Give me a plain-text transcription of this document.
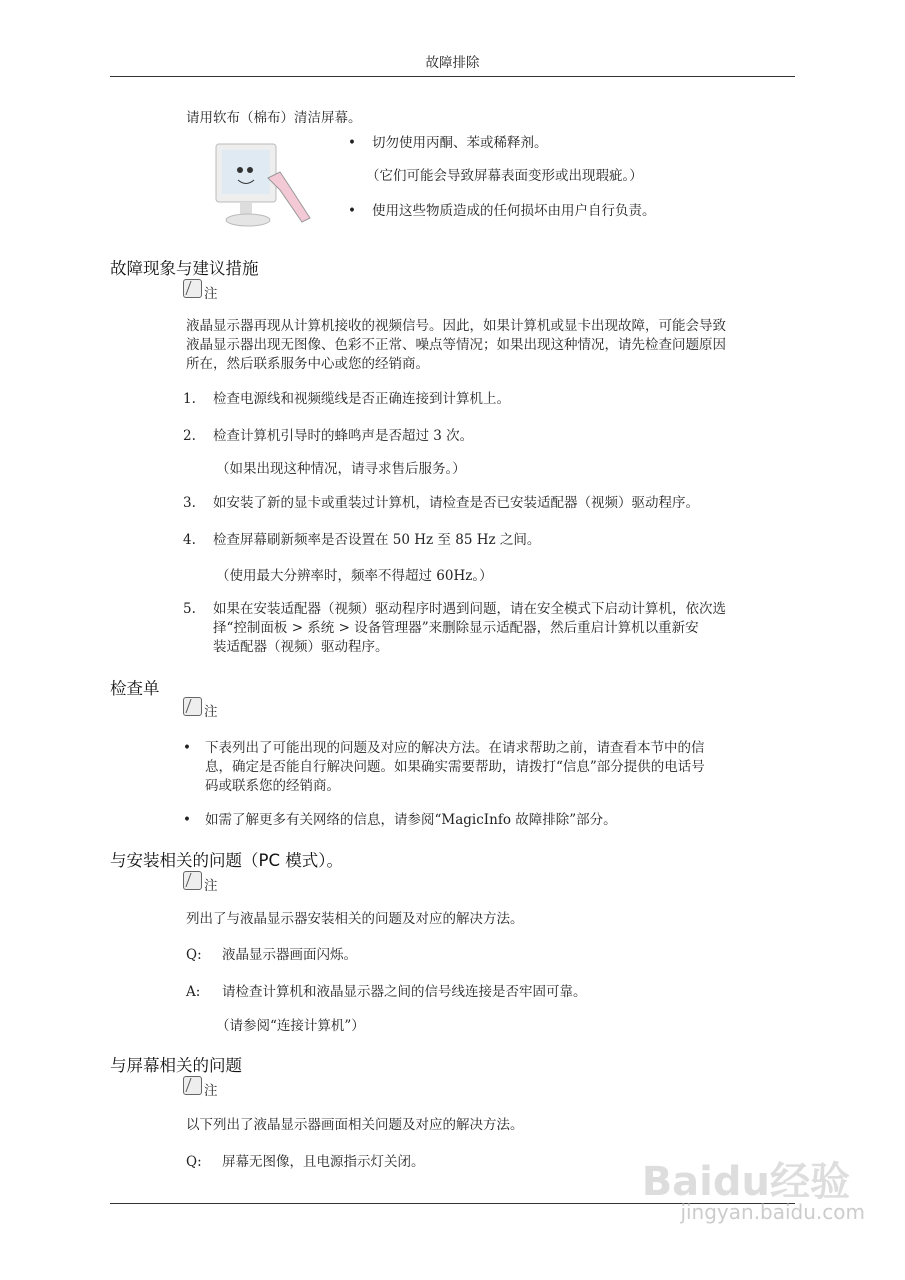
故障排除
请用软布（棉布）清洁屏幕。
• 切勿使用丙酮、苯或稀释剂。
（它们可能会导致屏幕表面变形或出现瑕疵。）
• 使用这些物质造成的任何损坏由用户自行负责。
故障现象与建议措施
注
液晶显示器再现从计算机接收的视频信号。因此，如果计算机或显卡出现故障，可能会导致
液晶显示器出现无图像、色彩不正常、噪点等情况；如果出现这种情况，请先检查问题原因
所在，然后联系服务中心或您的经销商。
1. 检查电源线和视频缆线是否正确连接到计算机上。
2. 检查计算机引导时的蜂鸣声是否超过 3 次。
（如果出现这种情况，请寻求售后服务。）
3. 如安装了新的显卡或重装过计算机，请检查是否已安装适配器（视频）驱动程序。
4. 检查屏幕刷新频率是否设置在 50 Hz 至 85 Hz 之间。
（使用最大分辨率时，频率不得超过 60Hz。）
5. 如果在安装适配器（视频）驱动程序时遇到问题，请在安全模式下启动计算机，依次选
择“控制面板 > 系统 > 设备管理器”来删除显示适配器，然后重启计算机以重新安
装适配器（视频）驱动程序。
检查单
注
• 下表列出了可能出现的问题及对应的解决方法。在请求帮助之前，请查看本节中的信
息，确定是否能自行解决问题。如果确实需要帮助，请拨打“信息”部分提供的电话号
码或联系您的经销商。
• 如需了解更多有关网络的信息，请参阅“MagicInfo 故障排除”部分。
与安装相关的问题（PC 模式）。
注
列出了与液晶显示器安装相关的问题及对应的解决方法。
Q: 液晶显示器画面闪烁。
A: 请检查计算机和液晶显示器之间的信号线连接是否牢固可靠。
（请参阅“连接计算机”）
与屏幕相关的问题
注
以下列出了液晶显示器画面相关问题及对应的解决方法。
Q: 屏幕无图像，且电源指示灯关闭。	Baidu经验
jingyan.baidu.com
